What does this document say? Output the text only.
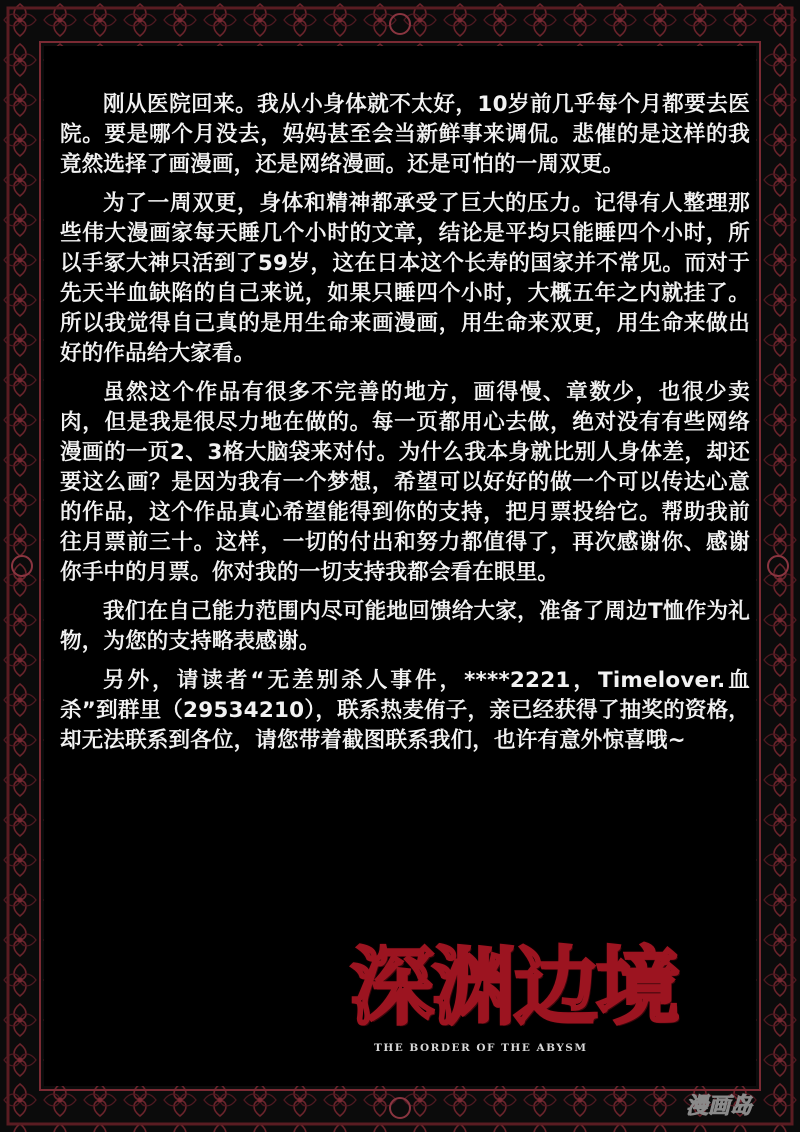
刚从医院回来。我从小身体就不太好，10岁前几乎每个月都要去医院。要是哪个月没去，妈妈甚至会当新鲜事来调侃。悲催的是这样的我竟然选择了画漫画，还是网络漫画。还是可怕的一周双更。

为了一周双更，身体和精神都承受了巨大的压力。记得有人整理那些伟大漫画家每天睡几个小时的文章，结论是平均只能睡四个小时，所以手冢大神只活到了59岁，这在日本这个长寿的国家并不常见。而对于先天半血缺陷的自己来说，如果只睡四个小时，大概五年之内就挂了。所以我觉得自己真的是用生命来画漫画，用生命来双更，用生命来做出好的作品给大家看。

虽然这个作品有很多不完善的地方，画得慢、章数少，也很少卖肉，但是我是很尽力地在做的。每一页都用心去做，绝对没有有些网络漫画的一页2、3格大脑袋来对付。为什么我本身就比别人身体差，却还要这么画？是因为我有一个梦想，希望可以好好的做一个可以传达心意的作品，这个作品真心希望能得到你的支持，把月票投给它。帮助我前往月票前三十。这样，一切的付出和努力都值得了，再次感谢你、感谢你手中的月票。你对我的一切支持我都会看在眼里。

我们在自己能力范围内尽可能地回馈给大家，准备了周边T恤作为礼物，为您的支持略表感谢。

另外，请读者“无差别杀人事件，****2221，Timelover.血杀”到群里（29534210），联系热麦侑子，亲已经获得了抽奖的资格，却无法联系到各位，请您带着截图联系我们，也许有意外惊喜哦~

深渊边境
THE BORDER OF THE ABYSM
漫画岛
